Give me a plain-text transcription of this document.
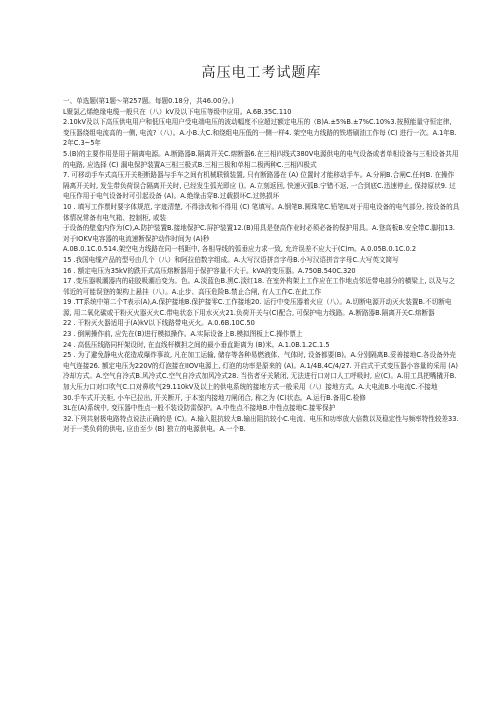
高压电工考试题库

一、单选题(第1题～第257题。每题0.18分，共46.00分。)

L聚氯乙烯绝缘电缆一般只在（八）kV及以下电压等级中应用。A.6B.35C.110

2.10kV及以下高压供电用户和低压电用户受电端电压的波动幅度不应超过额定电压的（B)A.±5%B.±7%C.10%3.按照能量守恒定律, 变压器绕组电流高的一侧, 电流?（八）。A.小B.大C.和绕组电压低的一侧一样4. 架空电力线路的铁塔刷油工作每 (C) 进行一次。A.1年B.2年C.3~5年

5.(B)的主要作用是用于隔离电源。A.断路器B.隔离开关C.熔断器6.在三相四线式380V电源供电的电气设备或者单相设备与三相设备共用的电路, 应选择 (C) 漏电保护装置A三相三极式B.三相三极和单相二极两种C.三相四极式

7. 可移动手车式高压开关柜断路器与手车之间有机械联锁装置, 只有断路器在 (A) 位置时才能移动手车。A.分闸B.合闸C.任何B. 在操作隔离开关时, 发生带负荷误合隔离开关时, 已经发生弧光即应 ()。A.立刻返回, 快速灭弧B.宁错不返, 一合到底C.迅速停止, 保持原状9. 过电压作用于电气设备时可引起设备 (A)。A.绝缘击穿B.过载损坏C.过热损坏

10 . 填写工作票时要字体规范, 字迹清楚, 不得涂改和不得用 (C) 笔填写。A.钢笔B.圆珠笔C.铅笔IL对于用电设备的电气部分, 按设备的具体情况常备有电气箱、控制柜, 或装

于设备的壁龛内作为(C),A.防护装置B.接地保护C.屏护装置12.(B)用具是登高作业时必须必备的保护用具。A.登高板B.安全带C.脚扣13. 对于IOKV电容器的电流速断保护动作时间为 (A)秒

A.0B.0.1C.0.514.架空电力线路在同一档距中, 各相导线的弧垂应力求一致, 允许误差不应大于(C)m。A.0.05B.0.1C.0.2

15 .我国电缆产品的型号由几个（八）和阿拉伯数字组成。A.大写汉语拼音字母B.小写汉语拼音字母C.大写英文简写

16 . 额定电压为35kV的跌开式高压熔断器用于保护容量不大于。kVA的变压器。A.750B.540C.320

17 .变压器吸潮器内的硅胶吸潮后变为。色。A.淡蓝色B.黑C.淡红18. 在室外构架上工作应在工作地点邻近带电部分的横梁上, 以及与之邻近的可能误登的架构上悬挂（八）。A.止步、高压危险B.禁止合闸, 有人工作C.在此工作

19 .TT系统中第二个T表示(A),A.保护接地B.保护接零C.工作接地20. 运行中变压器着火应（八）。A.切断电源开动灭火装置B.不切断电源, 用二氧化碳或干粉灭火器灭火C.带电状态下用水灭火21.负荷开关与(C)配合, 可保护电力线路。A.断路器B.隔离开关C.熔断器

22 . 干粉灭火器适用于(A)kV以下线路带电灭火。A.0.6B.10C.50

23 . 倒闸操作前, 应先在(B)进行模拟操作。A.实际设备上B.模拟图板上C.操作票上

24 . 高低压线路同杆架设时, 在直线杆横担之间的最小垂直距离为 (B)米。A.1.0B.1.2C.1.5

25 . 为了避免静电火花造成爆炸事故, 凡在加工运输, 储存等各种易燃液体、气体时, 设备都要(B)。A.分别隔离B.妥善接地C.各设备外壳电气连接26. 额定电压为220V的灯泡接在IIOV电源上, 灯泡的功率是原来的 (A)。A.1/4B.4C/4/27. 开启式干式变压器小容量的采用 (A)冷却方式。A.空气自冷式B.风冷式C.空气自冷式加风冷式28. 当伤者牙关紧闭, 无法进行口对口人工呼吸时, 应(C)。A.用工具把嘴撬开B.加大压力口对口吹气C.口对鼻吹气29.110kV及以上的供电系统的接地方式一般采用（八）接地方式。A.大电流B.小电流C.不接地

30.手车式开关柜, 小车已拉出, 开关断开, 于本室内接地刀闸闭合, 称之为 (C)状态。A.运行B.备用C.检修

3L在(A)系统中, 变压器中性点一般不装设防雷保护。A.中性点不接地B.中性点接地C.接零保护

32.下列共射极电路特点说法正确的是 (C)。A.输入阻抗较大B.输出阻抗较小C.电流、电压和功率放大倍数以及稳定性与频率特性较差33.对于一类负荷的供电, 应由至少 (B) 独立的电源供电。A.一个B.
